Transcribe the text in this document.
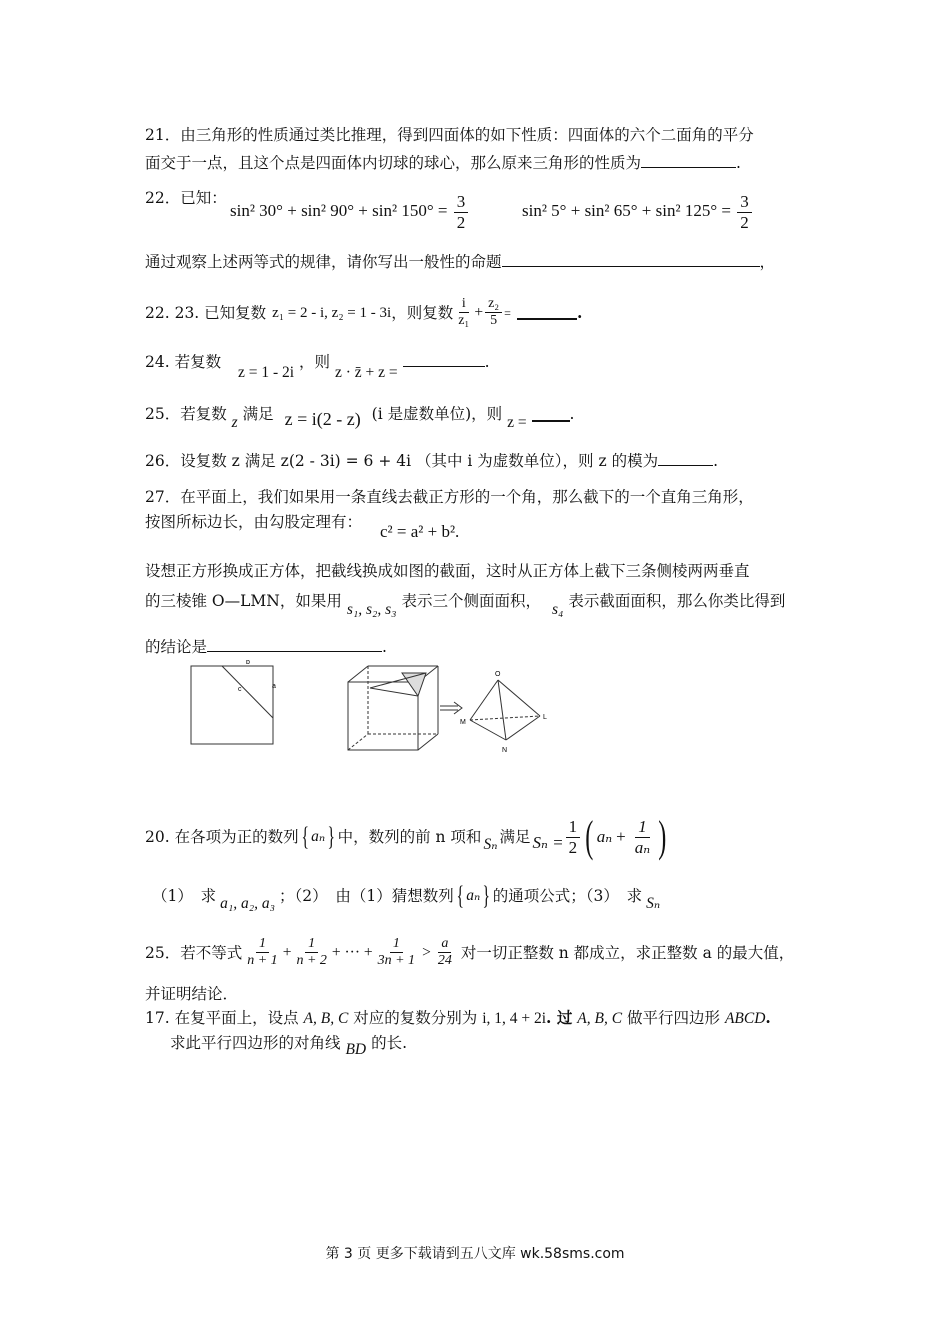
21．由三角形的性质通过类比推理，得到四面体的如下性质：四面体的六个二面角的平分
面交于一点，且这个点是四面体内切球的球心，那么原来三角形的性质为	.
22．已知：
sin² 30° + sin² 90° + sin² $150^\circ = \frac{3}{2}$	sin² 5° + sin² 65° + sin² $125^\circ = \frac{3}{2}$
通过观察上述两等式的规律，请你写出一般性的命题	，
22. 23. 已知复数 z₁ = 2 - i, z₂ = 1 - 3i ，则复数 $\frac{i}{\text{z₁}} + \frac{\text{z₂}}{5}$ =	.
24. 若复数 z = 1 - 2i ，则 z · z̄ + z = .
25．若复数 z 满足 z = i(2 - z) (i 是虚数单位)，则 z =	.
26．设复数 z 满足 z(2 - 3i) = 6 + 4i （其中 i 为虚数单位），则 z 的模为	.
27．在平面上，我们如果用一条直线去截正方形的一个角，那么截下的一个直角三角形，
按图所标边长，由勾股定理有： c² = a² + b².
设想正方形换成正方体，把截线换成如图的截面，这时从正方体上截下三条侧棱两两垂直
的三棱锥 O—LMN，如果用 s₁, s₂, s₃ 表示三个侧面面积， s₄ 表示截面面积，那么你类比得到
的结论是	.
b
c	a
O
L
M
N
20. 在各项为正的数列 { aₙ } 中，数列的前 n 项和 Sₙ 满足 $S_n = \frac{1}{2}$ ( $a_n + \frac{1}{\text{aₙ}}$ )
（1）　求 a₁, a₂, a₃ ；（2）　由（1）猜想数列 { aₙ } 的通项公式；（3）　求 Sₙ
25．若不等式 $\frac{1}{n + 1} + \frac{1}{n + 2}$ + ··· + $\frac{1}{3n + 1} > \frac{a}{24}$ 对一切正整数 n 都成立，求正整数 a 的最大值，
并证明结论．
17. 在复平面上，设点 A, B, C 对应的复数分别为 i, 1, 4 + 2i. 过 A, B, C 做平行四边形 ABCD.
求此平行四边形的对角线 BD 的长.
第 3 页 更多下载请到五八文库 wk.58sms.com
